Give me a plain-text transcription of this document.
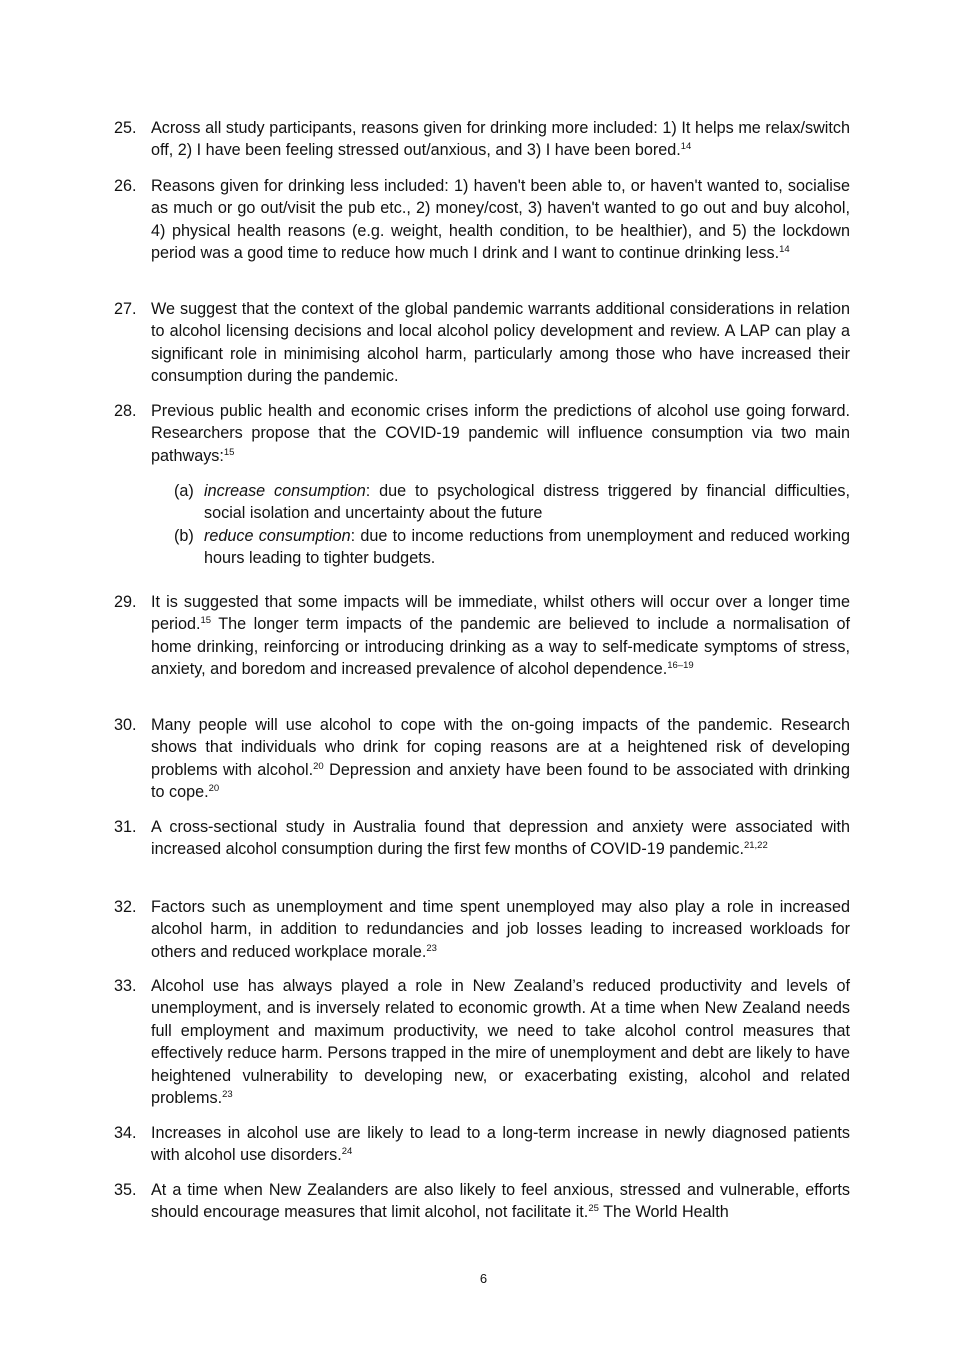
25. Across all study participants, reasons given for drinking more included: 1) It helps me relax/switch off, 2) I have been feeling stressed out/anxious, and 3) I have been bored.$^{14}$
26. Reasons given for drinking less included: 1) haven't been able to, or haven't wanted to, socialise as much or go out/visit the pub etc., 2) money/cost, 3) haven't wanted to go out and buy alcohol, 4) physical health reasons (e.g. weight, health condition, to be healthier), and 5) the lockdown period was a good time to reduce how much I drink and I want to continue drinking less.$^{14}$
27. We suggest that the context of the global pandemic warrants additional considerations in relation to alcohol licensing decisions and local alcohol policy development and review. A LAP can play a significant role in minimising alcohol harm, particularly among those who have increased their consumption during the pandemic.
28. Previous public health and economic crises inform the predictions of alcohol use going forward. Researchers propose that the COVID-19 pandemic will influence consumption via two main pathways:$^{15}$
(a) increase consumption: due to psychological distress triggered by financial difficulties, social isolation and uncertainty about the future
(b) reduce consumption: due to income reductions from unemployment and reduced working hours leading to tighter budgets.
29. It is suggested that some impacts will be immediate, whilst others will occur over a longer time period.$^{15}$ The longer term impacts of the pandemic are believed to include a normalisation of home drinking, reinforcing or introducing drinking as a way to self-medicate symptoms of stress, anxiety, and boredom and increased prevalence of alcohol dependence.$^{16-19}$
30. Many people will use alcohol to cope with the on-going impacts of the pandemic. Research shows that individuals who drink for coping reasons are at a heightened risk of developing problems with alcohol.$^{20}$ Depression and anxiety have been found to be associated with drinking to cope.$^{20}$
31. A cross-sectional study in Australia found that depression and anxiety were associated with increased alcohol consumption during the first few months of COVID-19 pandemic.$^{21,22}$
32. Factors such as unemployment and time spent unemployed may also play a role in increased alcohol harm, in addition to redundancies and job losses leading to increased workloads for others and reduced workplace morale.$^{23}$
33. Alcohol use has always played a role in New Zealand’s reduced productivity and levels of unemployment, and is inversely related to economic growth. At a time when New Zealand needs full employment and maximum productivity, we need to take alcohol control measures that effectively reduce harm. Persons trapped in the mire of unemployment and debt are likely to have heightened vulnerability to developing new, or exacerbating existing, alcohol and related problems.$^{23}$
34. Increases in alcohol use are likely to lead to a long-term increase in newly diagnosed patients with alcohol use disorders.$^{24}$
35. At a time when New Zealanders are also likely to feel anxious, stressed and vulnerable, efforts should encourage measures that limit alcohol, not facilitate it.$^{25}$ The World Health
6
